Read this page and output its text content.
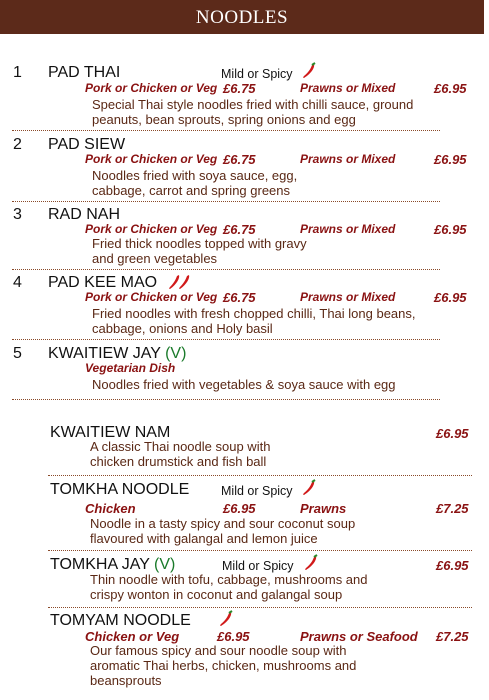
NOODLES

1 PAD THAI	Mild or Spicy
Pork or Chicken or Veg £6.75	Prawns or Mixed	£6.95
Special Thai style noodles fried with chilli sauce, ground peanuts, bean sprouts, spring onions and egg
2 PAD SIEW
Pork or Chicken or Veg £6.75	Prawns or Mixed	£6.95
Noodles fried with soya sauce, egg, cabbage, carrot and spring greens
3 RAD NAH
Pork or Chicken or Veg £6.75	Prawns or Mixed	£6.95
Fried thick noodles topped with gravy and green vegetables
4 PAD KEE MAO
Pork or Chicken or Veg £6.75	Prawns or Mixed	£6.95
Fried noodles with fresh chopped chilli, Thai long beans, cabbage, onions and Holy basil
5 KWAITIEW JAY (V)
Vegetarian Dish
Noodles fried with vegetables & soya sauce with egg
KWAITIEW NAM	£6.95
A classic Thai noodle soup with chicken drumstick and fish ball
TOMKHA NOODLE	Mild or Spicy
Chicken	£6.95	Prawns	£7.25
Noodle in a tasty spicy and sour coconut soup flavoured with galangal and lemon juice
TOMKHA JAY (V)	Mild or Spicy	£6.95
Thin noodle with tofu, cabbage, mushrooms and crispy wonton in coconut and galangal soup
TOMYAM NOODLE
Chicken or Veg	£6.95	Prawns or Seafood £7.25
Our famous spicy and sour noodle soup with aromatic Thai herbs, chicken, mushrooms and beansprouts
